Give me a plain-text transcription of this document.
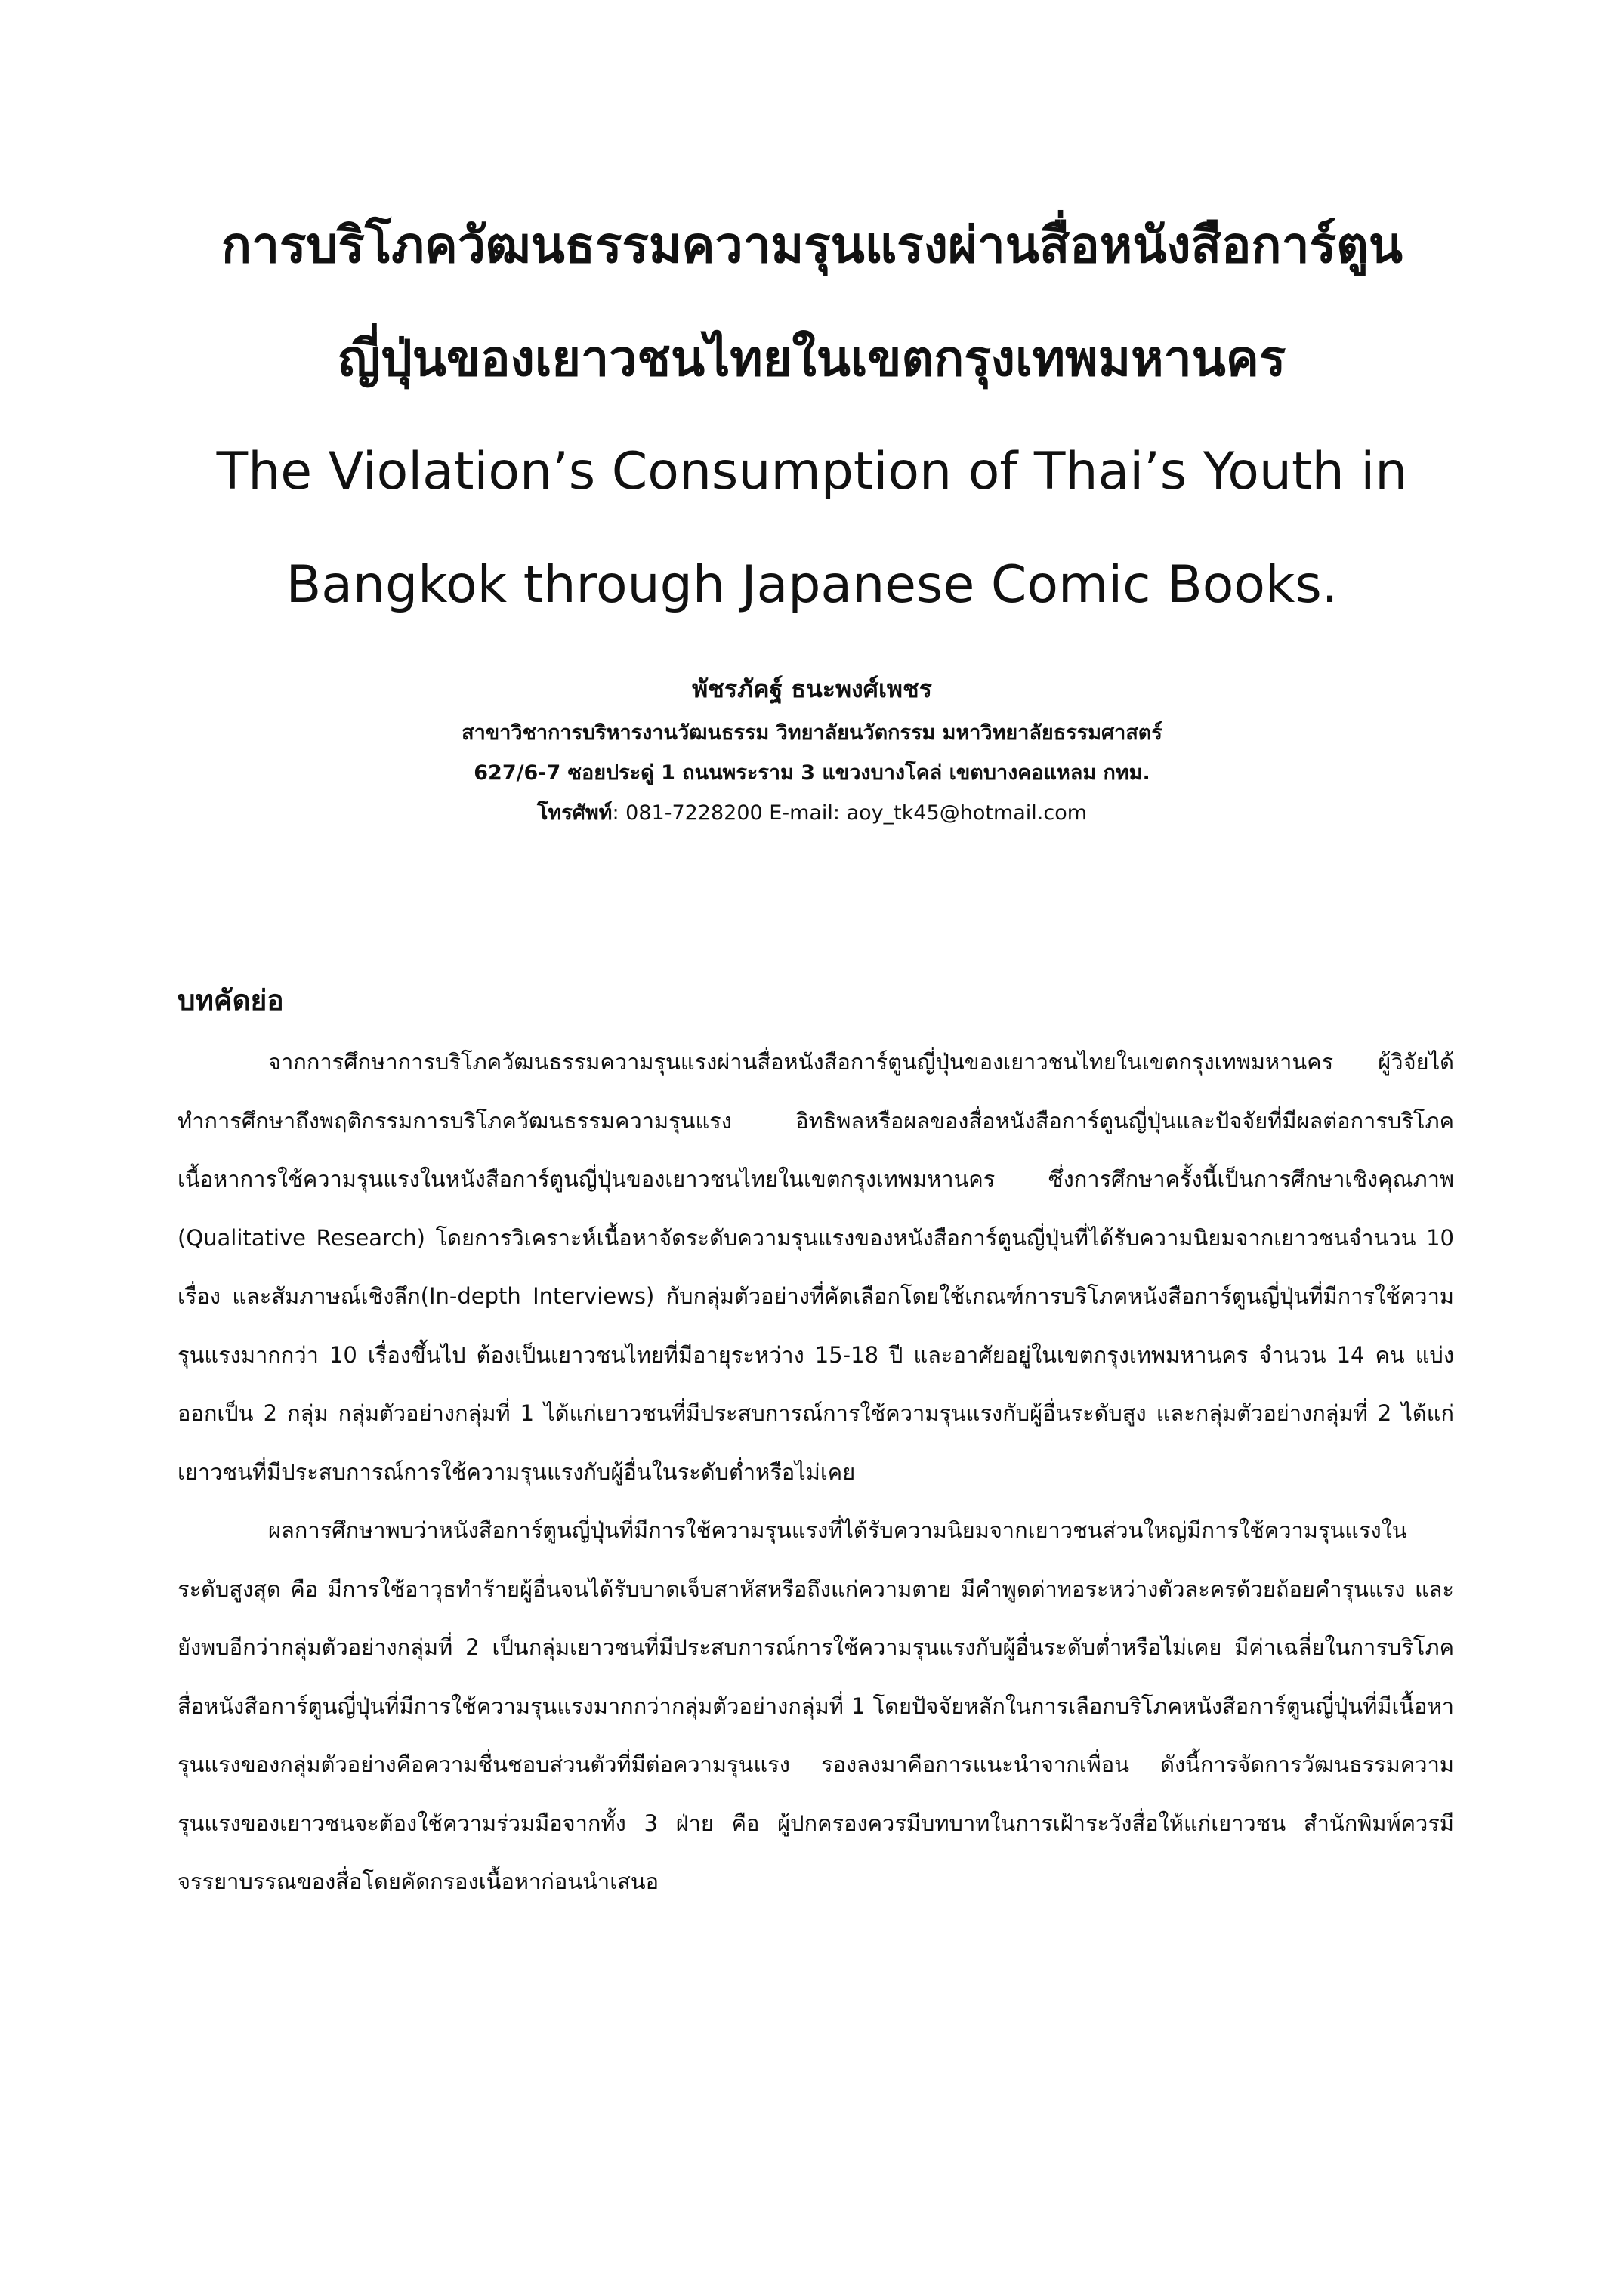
การบริโภควัฒนธรรมความรุนแรงผ่านสื่อหนังสือการ์ตูน

ญี่ปุ่นของเยาวชนไทยในเขตกรุงเทพมหานคร

The Violation’s Consumption of Thai’s Youth in

Bangkok through Japanese Comic Books.

พัชรภัคฐ์ ธนะพงศ์เพชร

สาขาวิชาการบริหารงานวัฒนธรรม วิทยาลัยนวัตกรรม มหาวิทยาลัยธรรมศาสตร์

627/6-7 ซอยประดู่ 1 ถนนพระราม 3 แขวงบางโคล่ เขตบางคอแหลม กทม.

โทรศัพท์: 081-7228200 E-mail: aoy_tk45@hotmail.com

บทคัดย่อ

จากการศึกษาการบริโภควัฒนธรรมความรุนแรงผ่านสื่อหนังสือการ์ตูนญี่ปุ่นของเยาวชนไทยในเขตกรุงเทพมหานคร ผู้วิจัยได้ทำการศึกษาถึงพฤติกรรมการบริโภควัฒนธรรมความรุนแรง อิทธิพลหรือผลของสื่อหนังสือการ์ตูนญี่ปุ่นและปัจจัยที่มีผลต่อการบริโภคเนื้อหาการใช้ความรุนแรงในหนังสือการ์ตูนญี่ปุ่นของเยาวชนไทยในเขตกรุงเทพมหานคร ซึ่งการศึกษาครั้งนี้เป็นการศึกษาเชิงคุณภาพ (Qualitative Research) โดยการวิเคราะห์เนื้อหาจัดระดับความรุนแรงของหนังสือการ์ตูนญี่ปุ่นที่ได้รับความนิยมจากเยาวชนจำนวน 10 เรื่อง และสัมภาษณ์เชิงลึก(In-depth Interviews) กับกลุ่มตัวอย่างที่คัดเลือกโดยใช้เกณฑ์การบริโภคหนังสือการ์ตูนญี่ปุ่นที่มีการใช้ความรุนแรงมากกว่า 10 เรื่องขึ้นไป ต้องเป็นเยาวชนไทยที่มีอายุระหว่าง 15-18 ปี และอาศัยอยู่ในเขตกรุงเทพมหานคร จำนวน 14 คน แบ่งออกเป็น 2 กลุ่ม กลุ่มตัวอย่างกลุ่มที่ 1 ได้แก่เยาวชนที่มีประสบการณ์การใช้ความรุนแรงกับผู้อื่นระดับสูง และกลุ่มตัวอย่างกลุ่มที่ 2 ได้แก่เยาวชนที่มีประสบการณ์การใช้ความรุนแรงกับผู้อื่นในระดับต่ำหรือไม่เคย

ผลการศึกษาพบว่าหนังสือการ์ตูนญี่ปุ่นที่มีการใช้ความรุนแรงที่ได้รับความนิยมจากเยาวชนส่วนใหญ่มีการใช้ความรุนแรงในระดับสูงสุด คือ มีการใช้อาวุธทำร้ายผู้อื่นจนได้รับบาดเจ็บสาหัสหรือถึงแก่ความตาย มีคำพูดด่าทอระหว่างตัวละครด้วยถ้อยคำรุนแรง และยังพบอีกว่ากลุ่มตัวอย่างกลุ่มที่ 2 เป็นกลุ่มเยาวชนที่มีประสบการณ์การใช้ความรุนแรงกับผู้อื่นระดับต่ำหรือไม่เคย มีค่าเฉลี่ยในการบริโภคสื่อหนังสือการ์ตูนญี่ปุ่นที่มีการใช้ความรุนแรงมากกว่ากลุ่มตัวอย่างกลุ่มที่ 1 โดยปัจจัยหลักในการเลือกบริโภคหนังสือการ์ตูนญี่ปุ่นที่มีเนื้อหารุนแรงของกลุ่มตัวอย่างคือความชื่นชอบส่วนตัวที่มีต่อความรุนแรง รองลงมาคือการแนะนำจากเพื่อน ดังนี้การจัดการวัฒนธรรมความรุนแรงของเยาวชนจะต้องใช้ความร่วมมือจากทั้ง 3 ฝ่าย คือ ผู้ปกครองควรมีบทบาทในการเฝ้าระวังสื่อให้แก่เยาวชน สำนักพิมพ์ควรมีจรรยาบรรณของสื่อโดยคัดกรองเนื้อหาก่อนนำเสนอ
